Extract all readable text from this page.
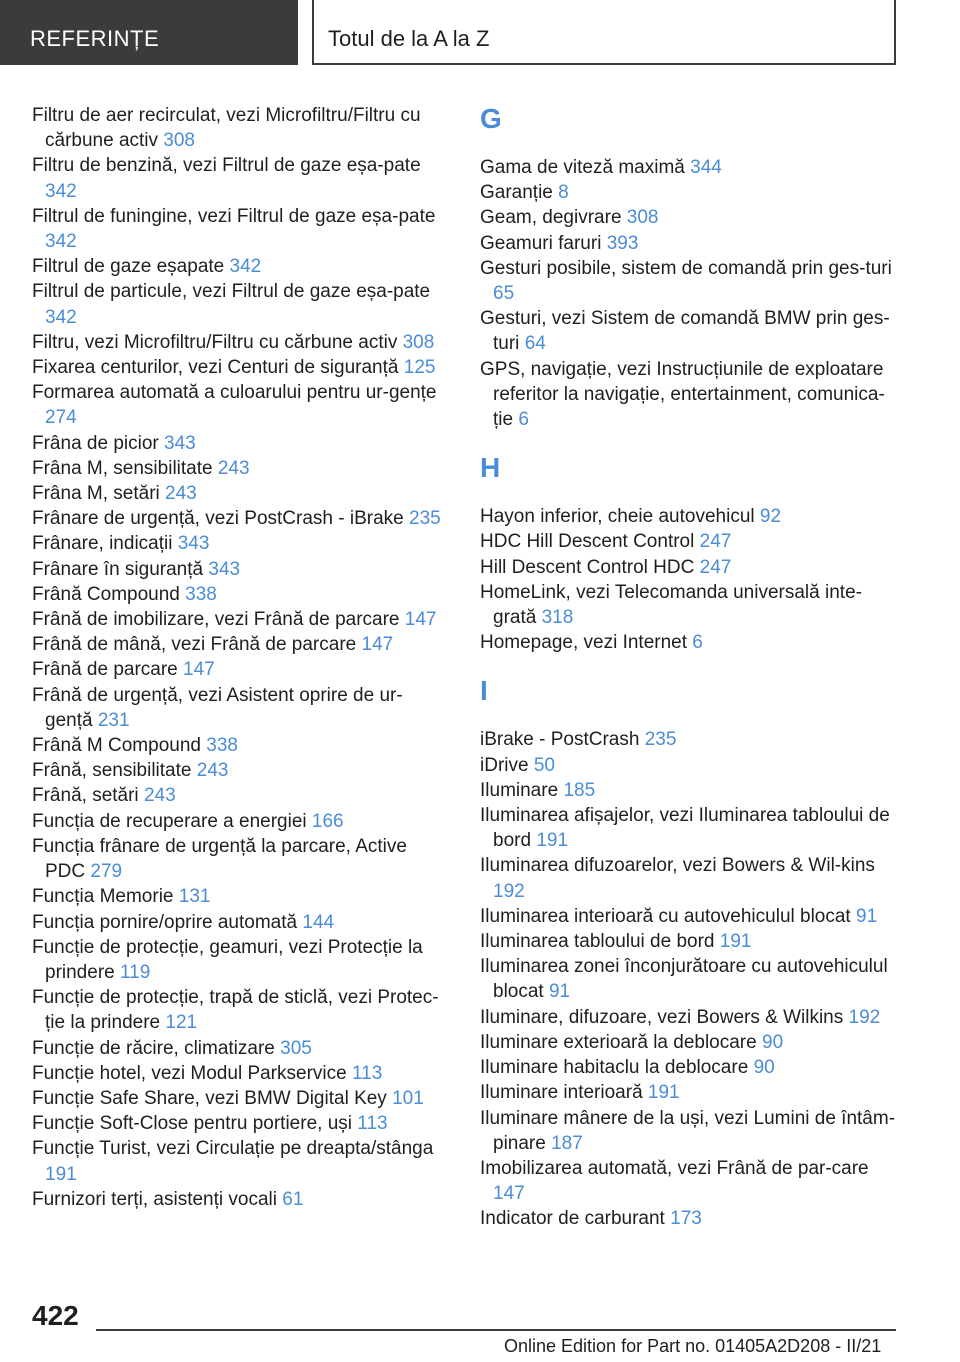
REFERINȚE	Totul de la A la Z
Filtru de aer recirculat, vezi Microfiltru/Filtru cu cărbune activ 308
Filtru de benzină, vezi Filtrul de gaze eșa-pate 342
Filtrul de funingine, vezi Filtrul de gaze eșa-pate 342
Filtrul de gaze eșapate 342
Filtrul de particule, vezi Filtrul de gaze eșa-pate 342
Filtru, vezi Microfiltru/Filtru cu cărbune activ 308
Fixarea centurilor, vezi Centuri de siguranță 125
Formarea automată a culoarului pentru ur-gențe 274
Frâna de picior 343
Frâna M, sensibilitate 243
Frâna M, setări 243
Frânare de urgență, vezi PostCrash - iBrake 235
Frânare, indicații 343
Frânare în siguranță 343
Frână Compound 338
Frână de imobilizare, vezi Frână de parcare 147
Frână de mână, vezi Frână de parcare 147
Frână de parcare 147
Frână de urgență, vezi Asistent oprire de ur-gență 231
Frână M Compound 338
Frână, sensibilitate 243
Frână, setări 243
Funcția de recuperare a energiei 166
Funcția frânare de urgență la parcare, Active PDC 279
Funcția Memorie 131
Funcția pornire/oprire automată 144
Funcție de protecție, geamuri, vezi Protecție la prindere 119
Funcție de protecție, trapă de sticlă, vezi Protec-ție la prindere 121
Funcție de răcire, climatizare 305
Funcție hotel, vezi Modul Parkservice 113
Funcție Safe Share, vezi BMW Digital Key 101
Funcție Soft-Close pentru portiere, uși 113
Funcție Turist, vezi Circulație pe dreapta/stânga 191
Furnizori terți, asistenți vocali 61
G
Gama de viteză maximă 344
Garanție 8
Geam, degivrare 308
Geamuri faruri 393
Gesturi posibile, sistem de comandă prin ges-turi 65
Gesturi, vezi Sistem de comandă BMW prin ges-turi 64
GPS, navigație, vezi Instrucțiunile de exploatare referitor la navigație, entertainment, comunica-ție 6
H
Hayon inferior, cheie autovehicul 92
HDC Hill Descent Control 247
Hill Descent Control HDC 247
HomeLink, vezi Telecomanda universală inte-grată 318
Homepage, vezi Internet 6
I
iBrake - PostCrash 235
iDrive 50
Iluminare 185
Iluminarea afișajelor, vezi Iluminarea tabloului de bord 191
Iluminarea difuzoarelor, vezi Bowers & Wil-kins 192
Iluminarea interioară cu autovehiculul blocat 91
Iluminarea tabloului de bord 191
Iluminarea zonei înconjurătoare cu autovehiculul blocat 91
Iluminare, difuzoare, vezi Bowers & Wilkins 192
Iluminare exterioară la deblocare 90
Iluminare habitaclu la deblocare 90
Iluminare interioară 191
Iluminare mânere de la uși, vezi Lumini de întâm-pinare 187
Imobilizarea automată, vezi Frână de par-care 147
Indicator de carburant 173
422
Online Edition for Part no. 01405A2D208 - II/21
